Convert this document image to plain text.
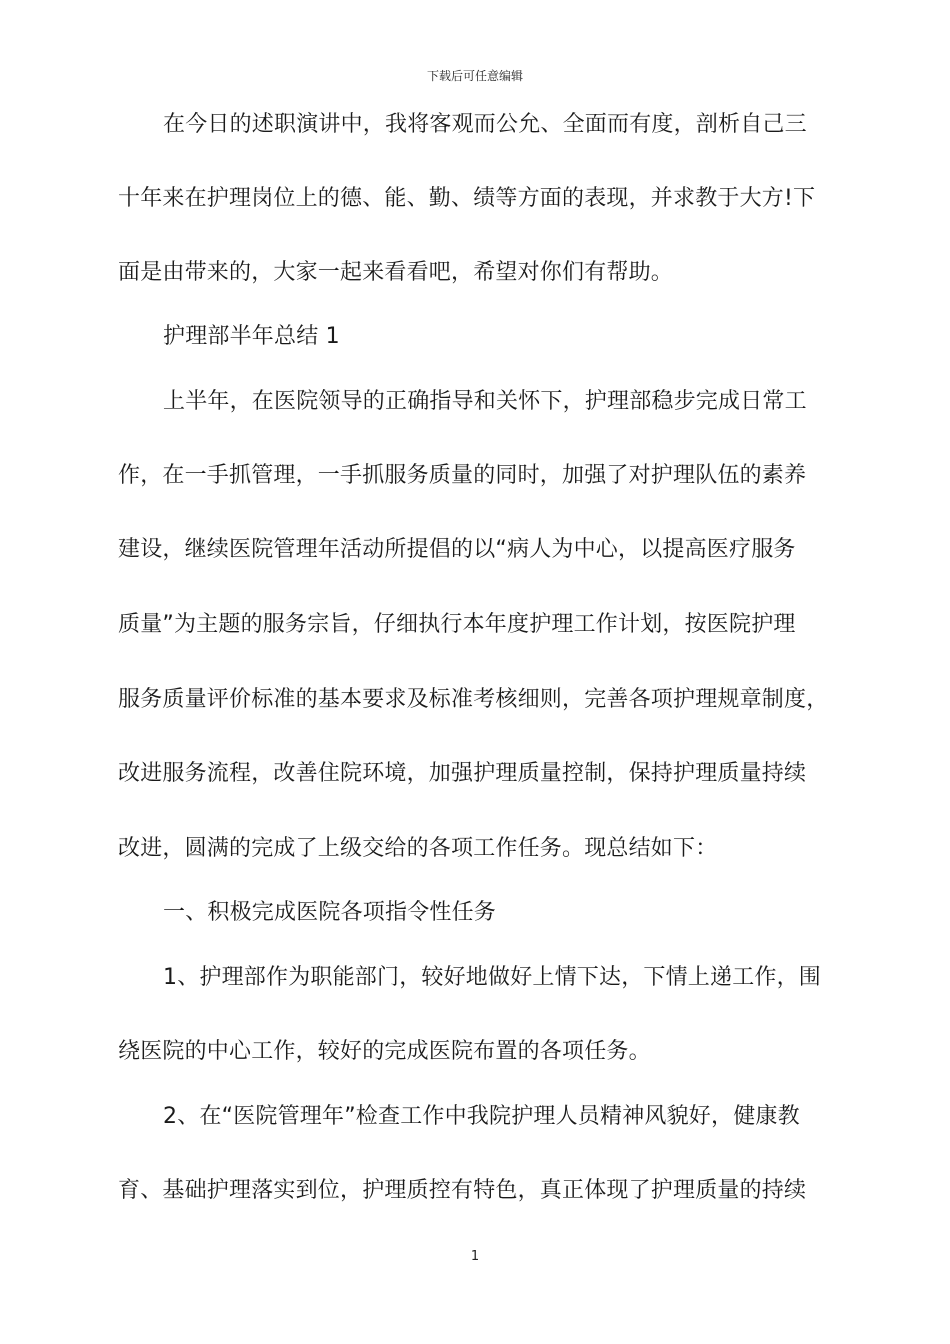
下载后可任意编辑
在今日的述职演讲中，我将客观而公允、全面而有度，剖析自己三
十年来在护理岗位上的德、能、勤、绩等方面的表现，并求教于大方!下
面是由带来的，大家一起来看看吧，希望对你们有帮助。
护理部半年总结 1
上半年，在医院领导的正确指导和关怀下，护理部稳步完成日常工
作，在一手抓管理，一手抓服务质量的同时，加强了对护理队伍的素养
建设，继续医院管理年活动所提倡的以“病人为中心，以提高医疗服务
质量”为主题的服务宗旨，仔细执行本年度护理工作计划，按医院护理
服务质量评价标准的基本要求及标准考核细则，完善各项护理规章制度，
改进服务流程，改善住院环境，加强护理质量控制，保持护理质量持续
改进，圆满的完成了上级交给的各项工作任务。现总结如下：
一、积极完成医院各项指令性任务
1、护理部作为职能部门，较好地做好上情下达，下情上递工作，围
绕医院的中心工作，较好的完成医院布置的各项任务。
2、在“医院管理年”检查工作中我院护理人员精神风貌好，健康教
育、基础护理落实到位，护理质控有特色，真正体现了护理质量的持续
1
